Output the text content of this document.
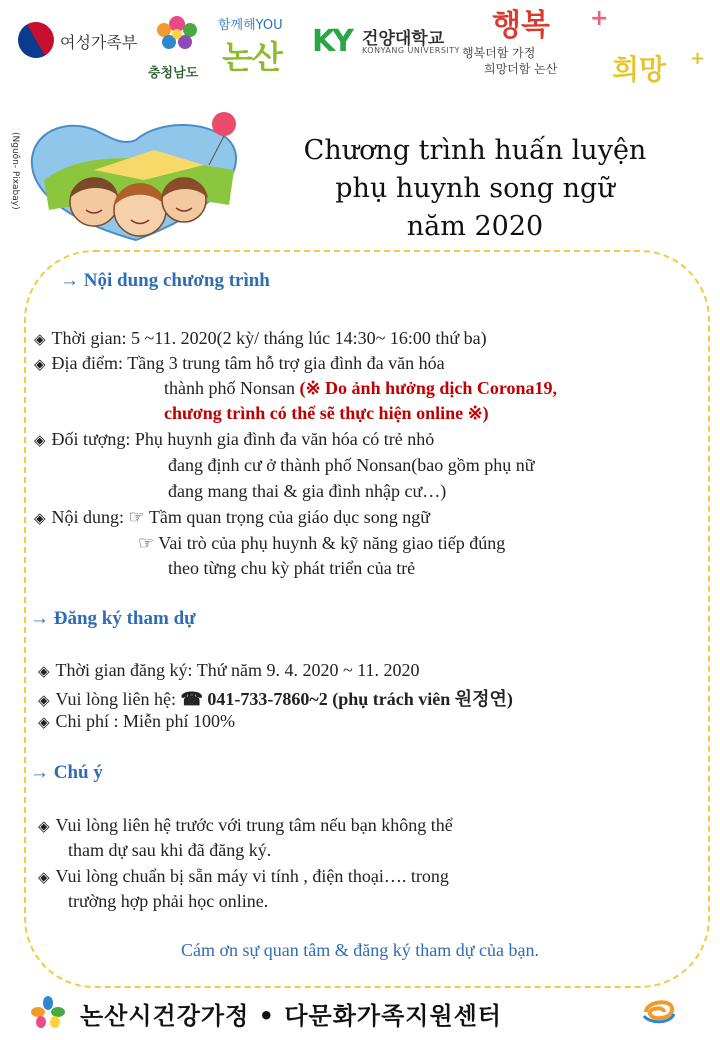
여성가족부
충청남도
함께해YOU
논산 KY 건양대학교
KONYANG UNIVERSITY
행복 +
행복더함 가정
희망더함 논산 희망 +
(Nguồn- Pixabay)	Chương trình huấn luyện
phụ huynh song ngữ
năm 2020
→ Nội dung chương trình
◈ Thời gian: 5 ~11. 2020(2 kỳ/ tháng lúc 14:30~ 16:00 thứ ba)
◈ Địa điểm: Tầng 3 trung tâm hỗ trợ gia đình đa văn hóa
thành phố Nonsan (※ Do ảnh hưởng dịch Corona19,
chương trình có thể sẽ thực hiện online ※)
◈ Đối tượng: Phụ huynh gia đình đa văn hóa có trẻ nhỏ
đang định cư ở thành phố Nonsan(bao gồm phụ nữ
đang mang thai & gia đình nhập cư…)
◈ Nội dung: ☞ Tầm quan trọng của giáo dục song ngữ
☞ Vai trò của phụ huynh & kỹ năng giao tiếp đúng
theo từng chu kỳ phát triển của trẻ
→ Đăng ký tham dự
◈ Thời gian đăng ký: Thứ năm 9. 4. 2020 ~ 11. 2020
◈ Vui lòng liên hệ: ☎ 041-733-7860~2 (phụ trách viên 원정연)
◈ Chi phí : Miễn phí 100%
→ Chú ý
◈ Vui lòng liên hệ trước với trung tâm nếu bạn không thể
tham dự sau khi đã đăng ký.
◈ Vui lòng chuẩn bị sẵn máy vi tính , điện thoại…. trong
trường hợp phải học online.
Cám ơn sự quan tâm & đăng ký tham dự của bạn.
논산시건강가정 • 다문화가족지원센터
